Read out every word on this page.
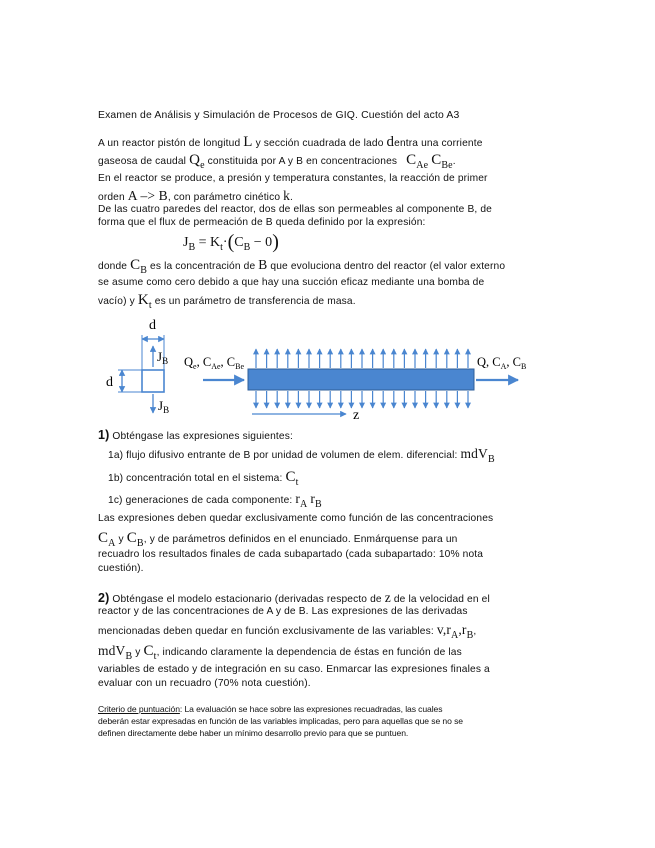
Examen de Análisis y Simulación de Procesos de GIQ. Cuestión del acto A3
A un reactor pistón de longitud L y sección cuadrada de lado dentra una corriente
gaseosa de caudal Qe constituida por A y B en concentraciones CAe CBe.
En el reactor se produce, a presión y temperatura constantes, la reacción de primer
orden A –> B, con parámetro cinético k.
De las cuatro paredes del reactor, dos de ellas son permeables al componente B, de
forma que el flux de permeación de B queda definido por la expresión:
$J_B = K_t\cdot(C_B - 0)$
donde CB es la concentración de B que evoluciona dentro del reactor (el valor externo
se asume como cero debido a que hay una succión eficaz mediante una bomba de
vacío) y Kt es un parámetro de transferencia de masa.
d
$J_B$
d
$J_B$
$Q_e$, $C_{Ae}$, $C_{Be}$	Q, $C_A$, $C_B$
z
1) Obténgase las expresiones siguientes:
1a) flujo difusivo entrante de B por unidad de volumen de elem. diferencial: mdVB
1b) concentración total en el sistema: Ct
1c) generaciones de cada componente: rA rB
Las expresiones deben quedar exclusivamente como función de las concentraciones
CA y CB, y de parámetros definidos en el enunciado. Enmárquense para un
recuadro los resultados finales de cada subapartado (cada subapartado: 10% nota
cuestión).
2) Obténgase el modelo estacionario (derivadas respecto de z de la velocidad en el
reactor y de las concentraciones de A y de B. Las expresiones de las derivadas
mencionadas deben quedar en función exclusivamente de las variables: v,rA,rB,
mdVB y Ct, indicando claramente la dependencia de éstas en función de las
variables de estado y de integración en su caso. Enmarcar las expresiones finales a
evaluar con un recuadro (70% nota cuestión).
Criterio de puntuación: La evaluación se hace sobre las expresiones recuadradas, las cuales
deberán estar expresadas en función de las variables implicadas, pero para aquellas que se no se
definen directamente debe haber un mínimo desarrollo previo para que se puntuen.
